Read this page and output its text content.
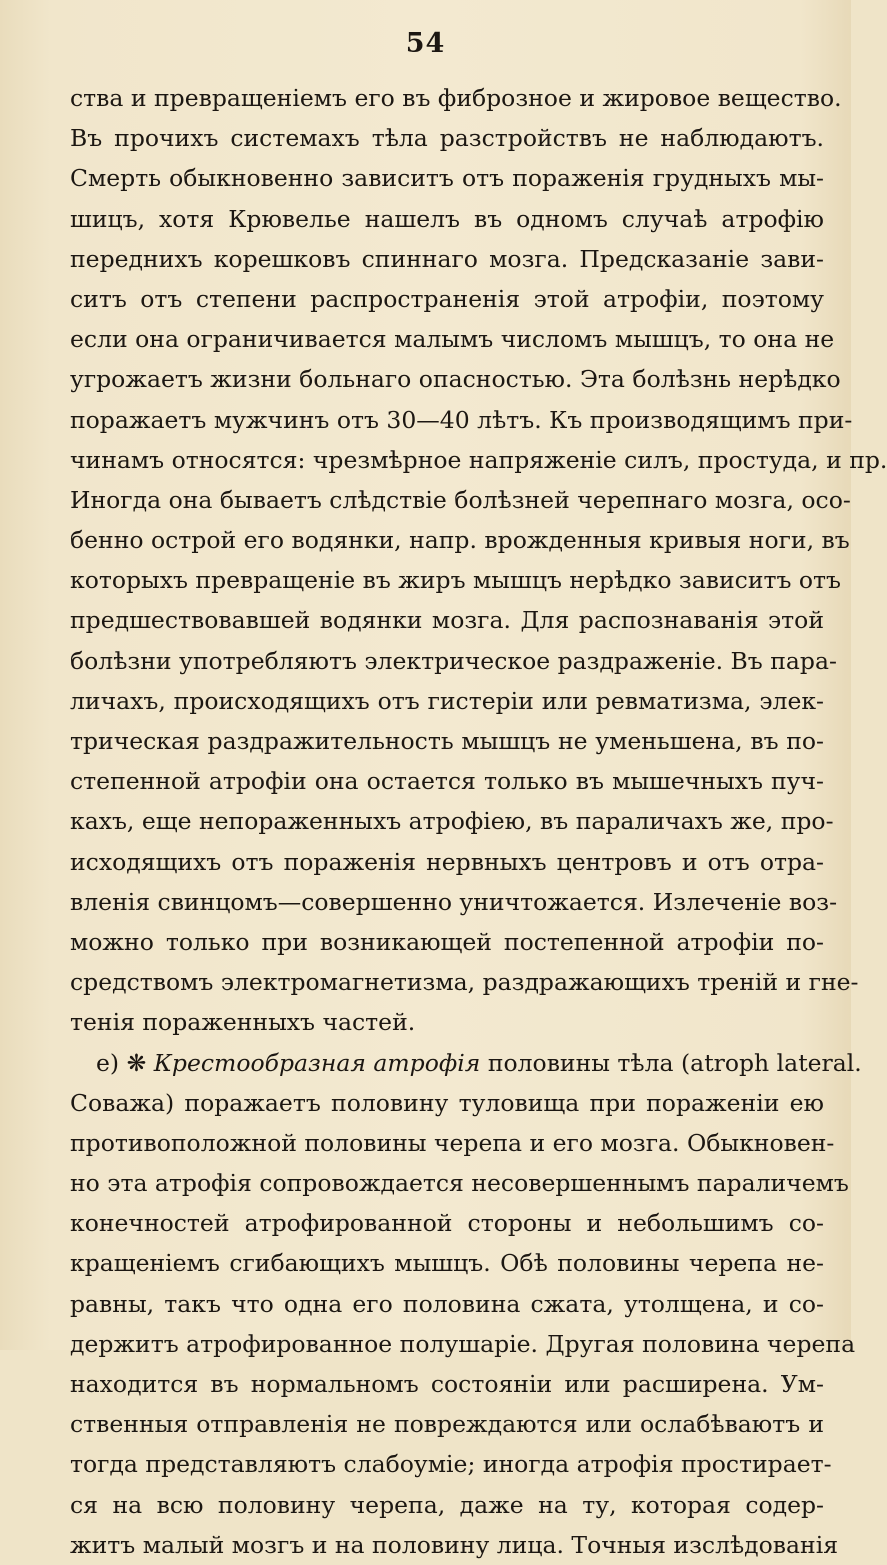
54
ства и превращенiемъ его въ фиброзное и жировое вещество.
Въ прочихъ системахъ тѣла разстройствъ не наблюдаютъ.
Смерть обыкновенно зависитъ отъ пораженiя грудныхъ мы-
шицъ, хотя Крювелье нашелъ въ одномъ случаѣ атрофiю
переднихъ корешковъ спиннаго мозга. Предсказанiе зави-
ситъ отъ степени распространенiя этой атрофiи, поэтому
если она ограничивается малымъ числомъ мышцъ, то она не
угрожаетъ жизни больнаго опасностью. Эта болѣзнь нерѣдко
поражаетъ мужчинъ отъ 30—40 лѣтъ. Къ производящимъ при-
чинамъ относятся: чрезмѣрное напряженiе силъ, простуда, и пр.
Иногда она бываетъ слѣдствiе болѣзней черепнаго мозга, осо-
бенно острой его водянки, напр. врожденныя кривыя ноги, въ
которыхъ превращенiе въ жиръ мышцъ нерѣдко зависитъ отъ
предшествовавшей водянки мозга. Для распознаванiя этой
болѣзни употребляютъ электрическое раздраженiе. Въ пара-
личахъ, происходящихъ отъ гистерiи или ревматизма, элек-
трическая раздражительность мышцъ не уменьшена, въ по-
степенной атрофiи она остается только въ мышечныхъ пуч-
кахъ, еще непораженныхъ атрофiею, въ параличахъ же, про-
исходящихъ отъ пораженiя нервныхъ центровъ и отъ отра-
вленiя свинцомъ—совершенно уничтожается. Излеченiе воз-
можно только при возникающей постепенной атрофiи по-
средствомъ электромагнетизма, раздражающихъ тренiй и гне-
тенiя пораженныхъ частей.
е) ❋ Крестообразная атрофiя половины тѣла (atroph lateral.
Совaжа) поражаетъ половину туловища при пораженiи ею
противоположной половины черепа и его мозга. Обыкновен-
но эта атрофiя сопровождается несовершеннымъ параличемъ
конечностей атрофированной стороны и небольшимъ со-
кращенiемъ сгибающихъ мышцъ. Обѣ половины черепа не-
равны, такъ что одна его половина сжата, утолщена, и со-
держитъ атрофированное полушарiе. Другая половина черепа
находится въ нормальномъ состоянiи или расширена. Ум-
ственныя отправленiя не повреждаются или ослабѣваютъ и
тогда представляютъ слабоумiе; иногда атрофiя простирает-
ся на всю половину черепа, даже на ту, которая содер-
житъ малый мозгъ и на половину лица. Точныя изслѣдованiя
